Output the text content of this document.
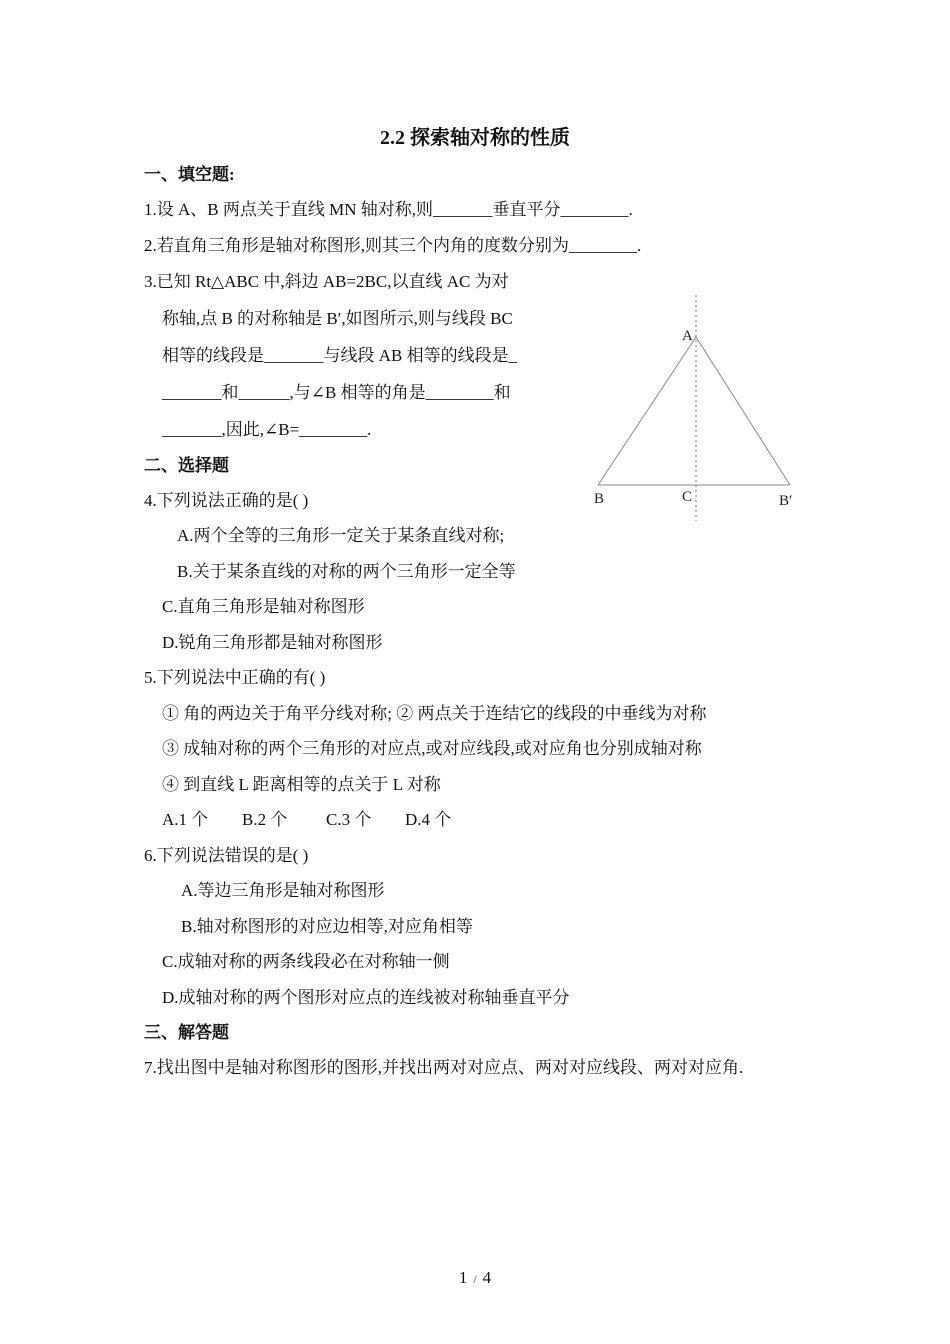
2.2 探索轴对称的性质
一、填空题:
1.设 A、B 两点关于直线 MN 轴对称,则_______垂直平分________.
2.若直角三角形是轴对称图形,则其三个内角的度数分别为________.
3.已知 Rt△ABC 中,斜边 AB=2BC,以直线 AC 为对
称轴,点 B 的对称轴是 B′,如图所示,则与线段 BC
相等的线段是_______与线段 AB 相等的线段是_
_______和______,与∠B 相等的角是________和
_______,因此,∠B=________.
A
B	C	B′
二、选择题
4.下列说法正确的是( )
A.两个全等的三角形一定关于某条直线对称;
B.关于某条直线的对称的两个三角形一定全等
C.直角三角形是轴对称图形
D.锐角三角形都是轴对称图形
5.下列说法中正确的有( )
① 角的两边关于角平分线对称; ② 两点关于连结它的线段的中垂线为对称
③ 成轴对称的两个三角形的对应点,或对应线段,或对应角也分别成轴对称
④ 到直线 L 距离相等的点关于 L 对称
A.1 个 B.2 个 C.3 个 D.4 个
6.下列说法错误的是( )
A.等边三角形是轴对称图形
B.轴对称图形的对应边相等,对应角相等
C.成轴对称的两条线段必在对称轴一侧
D.成轴对称的两个图形对应点的连线被对称轴垂直平分
三、解答题
7.找出图中是轴对称图形的图形,并找出两对对应点、两对对应线段、两对对应角.
1 / 4
